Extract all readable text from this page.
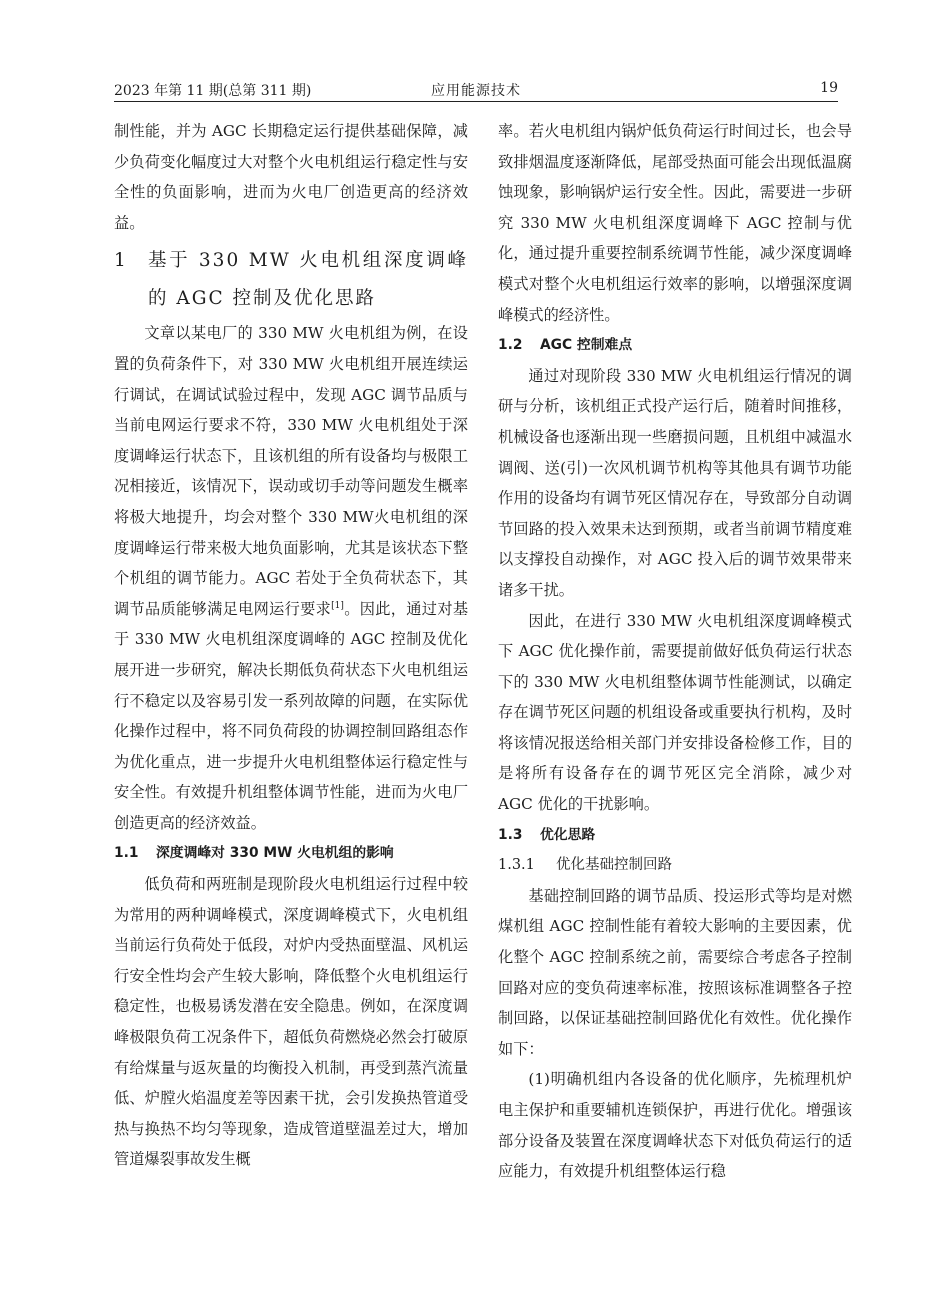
2023 年第 11 期(总第 311 期)	应用能源技术	19

制性能，并为 AGC 长期稳定运行提供基础保障，减少负荷变化幅度过大对整个火电机组运行稳定性与安全性的负面影响，进而为火电厂创造更高的经济效益。

1	基于 330 MW 火电机组深度调峰的 AGC 控制及优化思路

文章以某电厂的 330 MW 火电机组为例，在设置的负荷条件下，对 330 MW 火电机组开展连续运行调试，在调试试验过程中，发现 AGC 调节品质与当前电网运行要求不符，330 MW 火电机组处于深度调峰运行状态下，且该机组的所有设备均与极限工况相接近，该情况下，误动或切手动等问题发生概率将极大地提升，均会对整个 330 MW火电机组的深度调峰运行带来极大地负面影响，尤其是该状态下整个机组的调节能力。AGC 若处于全负荷状态下，其调节品质能够满足电网运行要求[1]。因此，通过对基于 330 MW 火电机组深度调峰的 AGC 控制及优化展开进一步研究，解决长期低负荷状态下火电机组运行不稳定以及容易引发一系列故障的问题，在实际优化操作过程中，将不同负荷段的协调控制回路组态作为优化重点，进一步提升火电机组整体运行稳定性与安全性。有效提升机组整体调节性能，进而为火电厂创造更高的经济效益。

1.1 深度调峰对 330 MW 火电机组的影响

低负荷和两班制是现阶段火电机组运行过程中较为常用的两种调峰模式，深度调峰模式下，火电机组当前运行负荷处于低段，对炉内受热面壁温、风机运行安全性均会产生较大影响，降低整个火电机组运行稳定性，也极易诱发潜在安全隐患。例如，在深度调峰极限负荷工况条件下，超低负荷燃烧必然会打破原有给煤量与返灰量的均衡投入机制，再受到蒸汽流量低、炉膛火焰温度差等因素干扰，会引发换热管道受热与换热不均匀等现象，造成管道壁温差过大，增加管道爆裂事故发生概

率。若火电机组内锅炉低负荷运行时间过长，也会导致排烟温度逐渐降低，尾部受热面可能会出现低温腐蚀现象，影响锅炉运行安全性。因此，需要进一步研究 330 MW 火电机组深度调峰下 AGC 控制与优化，通过提升重要控制系统调节性能，减少深度调峰模式对整个火电机组运行效率的影响，以增强深度调峰模式的经济性。

1.2 AGC 控制难点

通过对现阶段 330 MW 火电机组运行情况的调研与分析，该机组正式投产运行后，随着时间推移，机械设备也逐渐出现一些磨损问题，且机组中减温水调阀、送(引)一次风机调节机构等其他具有调节功能作用的设备均有调节死区情况存在，导致部分自动调节回路的投入效果未达到预期，或者当前调节精度难以支撑投自动操作，对 AGC 投入后的调节效果带来诸多干扰。

因此，在进行 330 MW 火电机组深度调峰模式下 AGC 优化操作前，需要提前做好低负荷运行状态下的 330 MW 火电机组整体调节性能测试，以确定存在调节死区问题的机组设备或重要执行机构，及时将该情况报送给相关部门并安排设备检修工作，目的是将所有设备存在的调节死区完全消除，减少对 AGC 优化的干扰影响。

1.3 优化思路
1.3.1 优化基础控制回路

基础控制回路的调节品质、投运形式等均是对燃煤机组 AGC 控制性能有着较大影响的主要因素，优化整个 AGC 控制系统之前，需要综合考虑各子控制回路对应的变负荷速率标准，按照该标准调整各子控制回路，以保证基础控制回路优化有效性。优化操作如下：

(1)明确机组内各设备的优化顺序，先梳理机炉电主保护和重要辅机连锁保护，再进行优化。增强该部分设备及装置在深度调峰状态下对低负荷运行的适应能力，有效提升机组整体运行稳
